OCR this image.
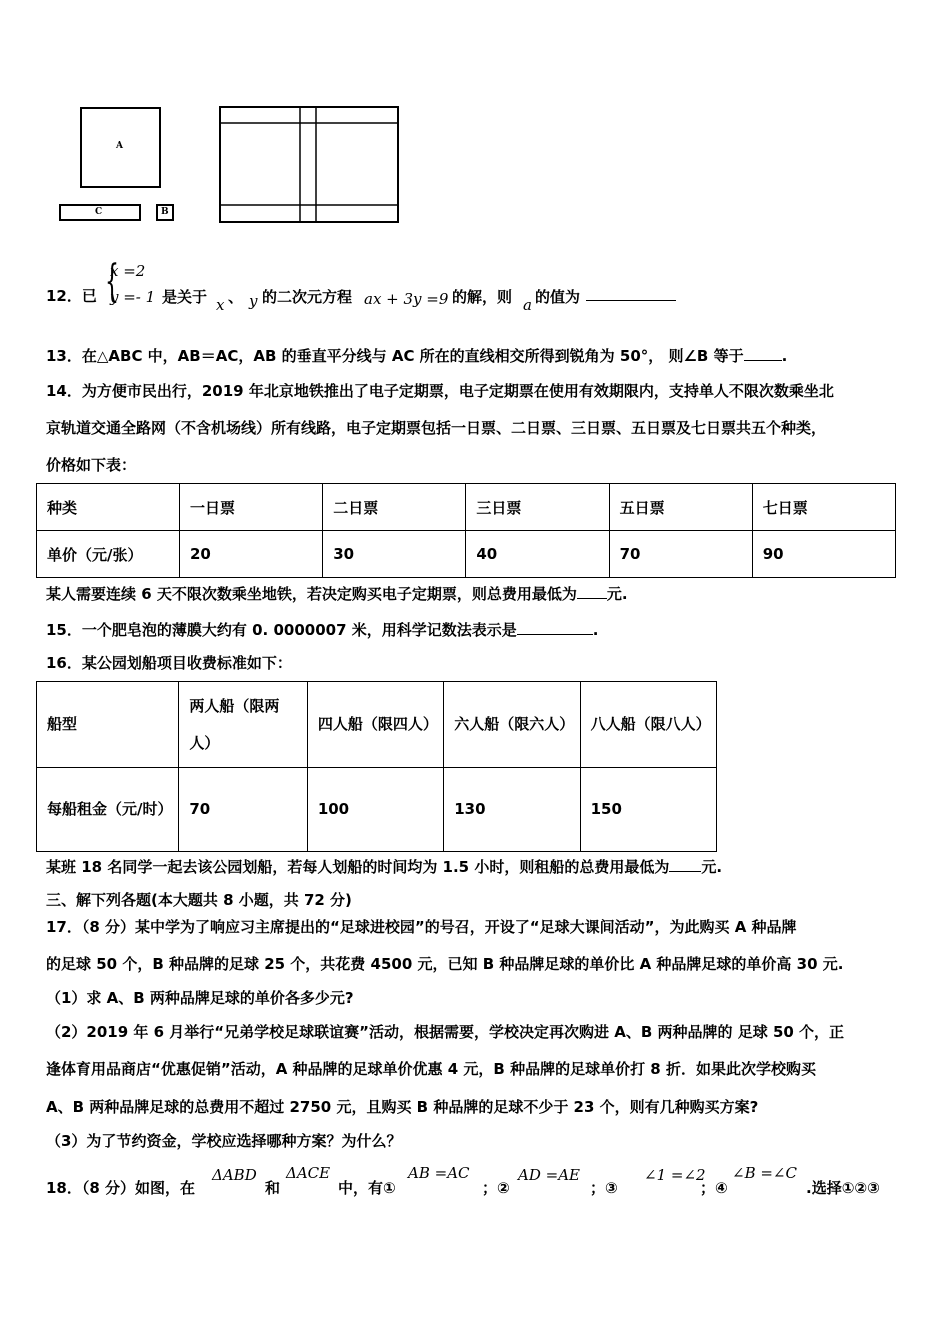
A
C	B
12．已 {
x =2
y =- 1 是关于 x 、 y 的二次元方程 ax + 3y =9 的解，则 a 的值为
13．在△ABC 中，AB＝AC，AB 的垂直平分线与 AC 所在的直线相交所得到锐角为 50°， 则∠B 等于	.
14．为方便市民出行，2019 年北京地铁推出了电子定期票，电子定期票在使用有效期限内，支持单人不限次数乘坐北
京轨道交通全路网（不含机场线）所有线路，电子定期票包括一日票、二日票、三日票、五日票及七日票共五个种类，
价格如下表：
种类	一日票	二日票	三日票	五日票	七日票
单价（元/张）	20	30	40	70	90
某人需要连续 6 天不限次数乘坐地铁，若决定购买电子定期票，则总费用最低为 元.
15．一个肥皂泡的薄膜大约有 0. 0000007 米，用科学记数法表示是	.
16．某公园划船项目收费标准如下：
船型	两人船（限两人）	四人船（限四人）	六人船（限六人）	八人船（限八人）
每船租金（元/时）	70	100	130	150
某班 18 名同学一起去该公园划船，若每人划船的时间均为 1.5 小时，则租船的总费用最低为 元.
三、解下列各题(本大题共 8 小题，共 72 分)
17．（8 分）某中学为了响应习主席提出的“足球进校园”的号召，开设了“足球大课间活动”，为此购买 A 种品牌
的足球 50 个，B 种品牌的足球 25 个，共花费 4500 元，已知 B 种品牌足球的单价比 A 种品牌足球的单价高 30 元.
（1）求 A、B 两种品牌足球的单价各多少元?
（2）2019 年 6 月举行“兄弟学校足球联谊赛”活动，根据需要，学校决定再次购进 A、B 两种品牌的 足球 50 个，正
逢体育用品商店“优惠促销”活动，A 种品牌的足球单价优惠 4 元，B 种品牌的足球单价打 8 折．如果此次学校购买
A、B 两种品牌足球的总费用不超过 2750 元，且购买 B 种品牌的足球不少于 23 个，则有几种购买方案?
（3）为了节约资金，学校应选择哪种方案？为什么？
18．（8 分）如图，在
ΔABD
和
ΔACE
中，有①
AB =AC
；②
AD =AE
；③
∠1 =∠2
；④
∠B =∠C
.选择①②③
